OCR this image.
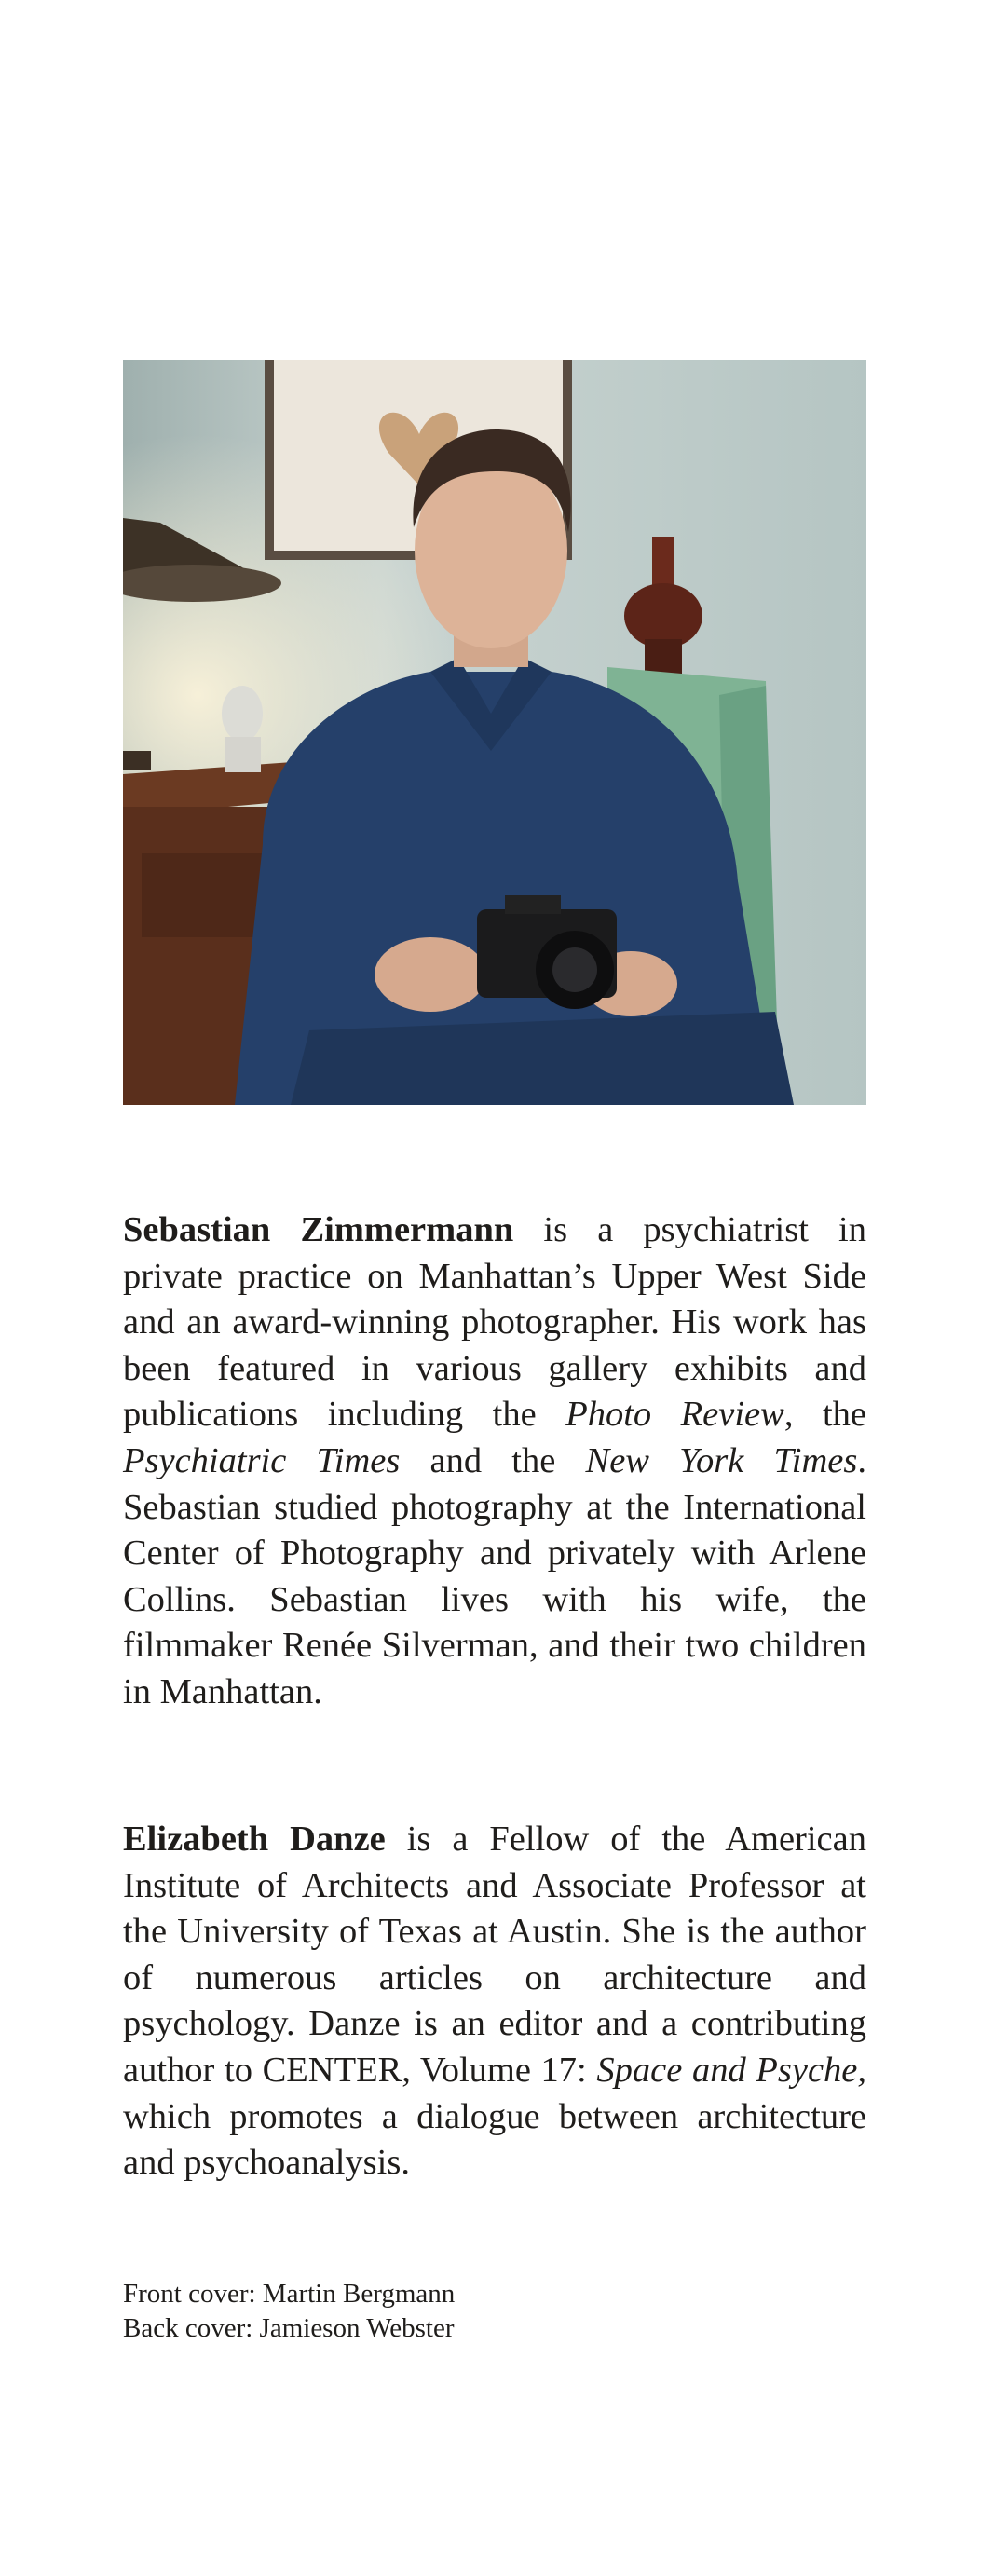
Sebastian Zimmermann is a psychiatrist in private practice on Manhattan’s Upper West Side and an award-winning photographer. His work has been featured in various gallery exhibits and publications including the Photo Review, the Psychiatric Times and the New York Times. Sebastian studied photography at the International Center of Photography and privately with Arlene Collins. Sebastian lives with his wife, the filmmaker Renée Silverman, and their two children in Manhattan.

Elizabeth Danze is a Fellow of the American Institute of Architects and Associate Professor at the University of Texas at Austin. She is the author of numerous articles on architecture and psychology. Danze is an editor and a contributing author to CENTER, Volume 17: Space and Psyche, which promotes a dialogue between architecture and psychoanalysis.

Front cover: Martin Bergmann
Back cover: Jamieson Webster
